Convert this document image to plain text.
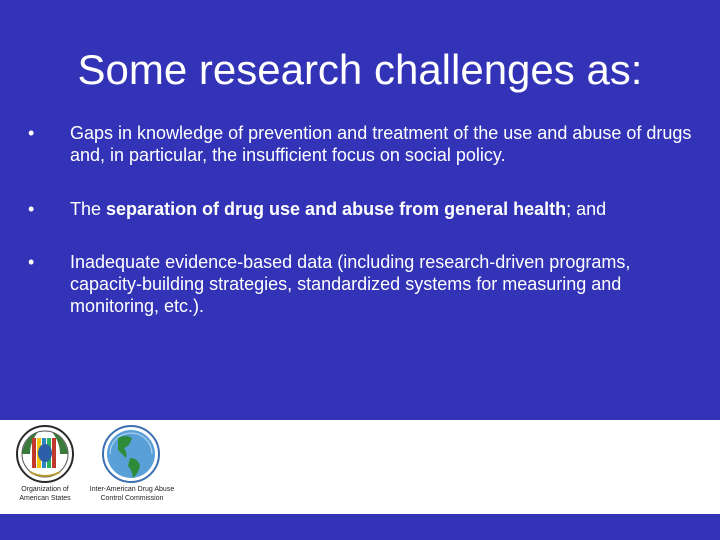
Some research challenges as:
• Gaps in knowledge of prevention and treatment of the use and abuse of drugs and, in particular, the insufficient focus on social policy.
• The separation of drug use and abuse from general health; and
• Inadequate evidence-based data (including research-driven programs, capacity-building strategies, standardized systems for measuring and monitoring, etc.).
Organization of
American States
Inter-American Drug Abuse
Control Commission
